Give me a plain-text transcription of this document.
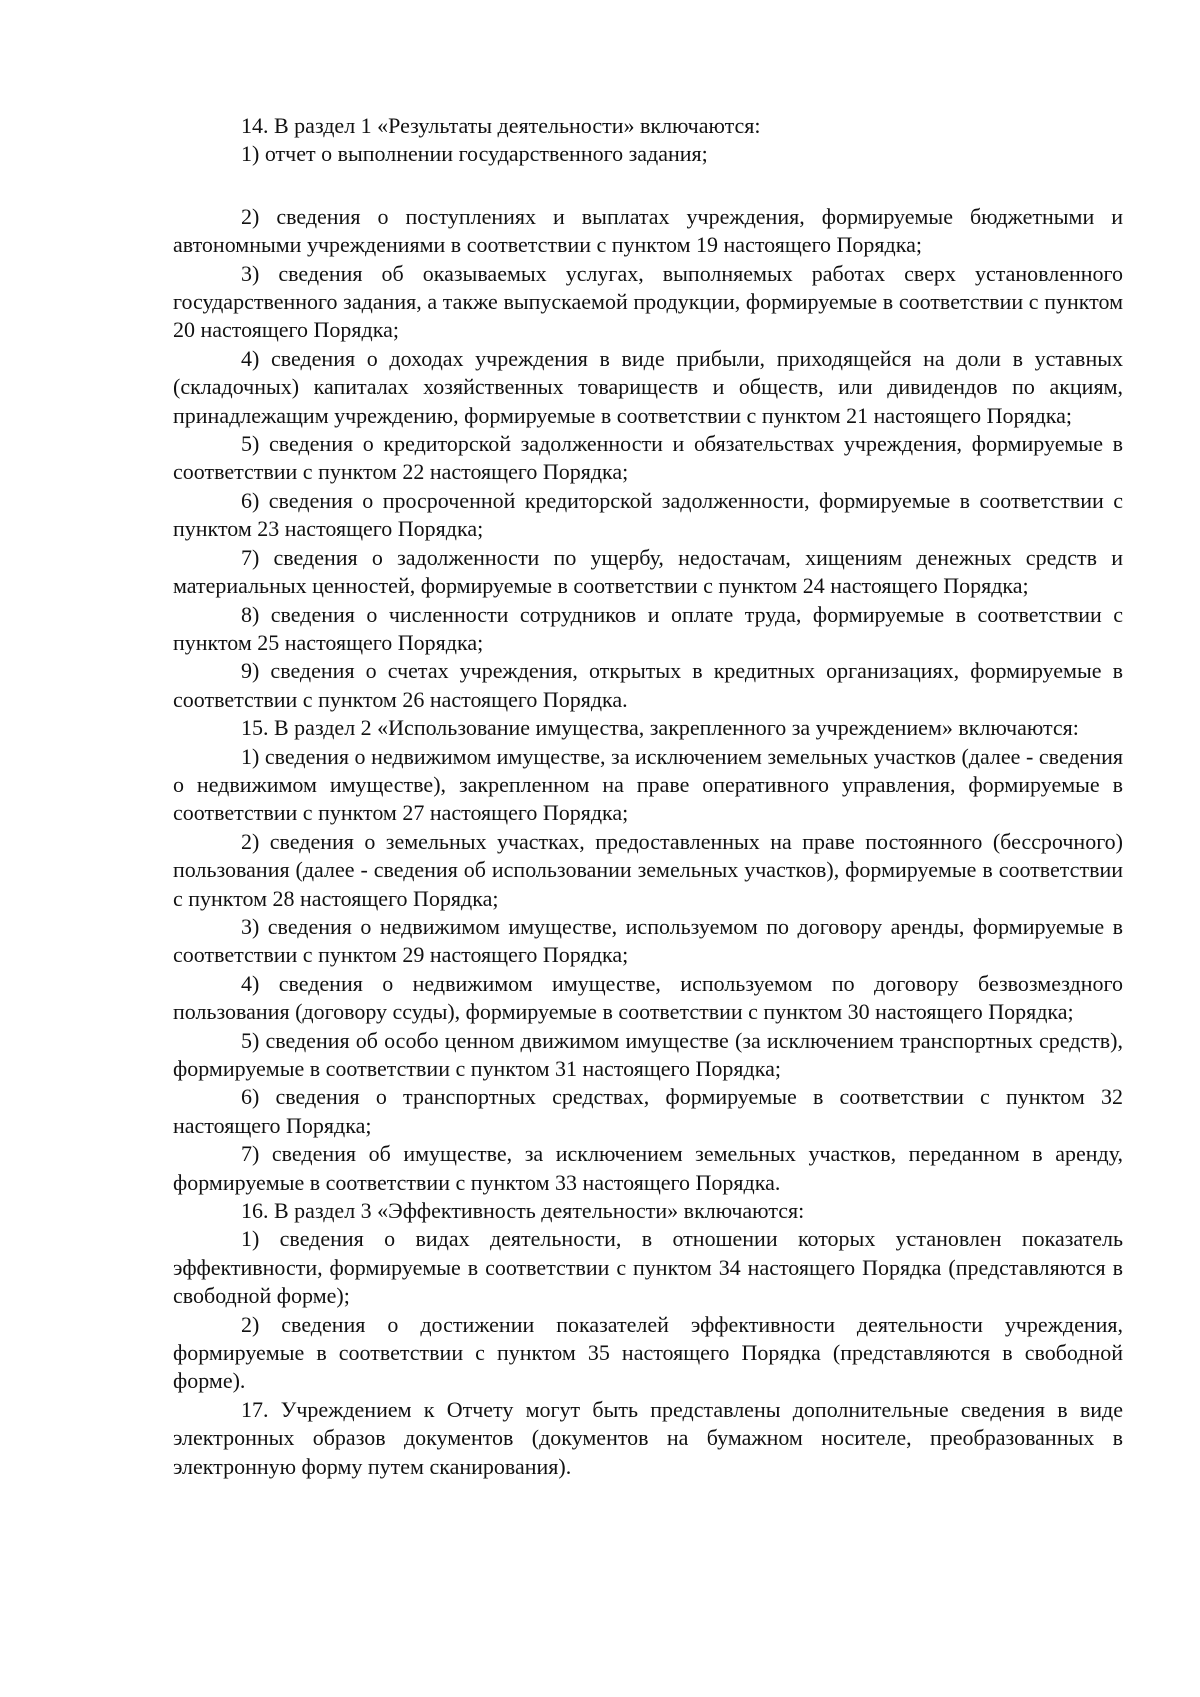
14. В раздел 1 «Результаты деятельности» включаются:

1) отчет о выполнении государственного задания;

2) сведения о поступлениях и выплатах учреждения, формируемые бюджетными и автономными учреждениями в соответствии с пунктом 19 настоящего Порядка;

3) сведения об оказываемых услугах, выполняемых работах сверх установленного государственного задания, а также выпускаемой продукции, формируемые в соответствии с пунктом 20 настоящего Порядка;

4) сведения о доходах учреждения в виде прибыли, приходящейся на доли в уставных (складочных) капиталах хозяйственных товариществ и обществ, или дивидендов по акциям, принадлежащим учреждению, формируемые в соответствии с пунктом 21 настоящего Порядка;

5) сведения о кредиторской задолженности и обязательствах учреждения, формируемые в соответствии с пунктом 22 настоящего Порядка;

6) сведения о просроченной кредиторской задолженности, формируемые в соответствии с пунктом 23 настоящего Порядка;

7) сведения о задолженности по ущербу, недостачам, хищениям денежных средств и материальных ценностей, формируемые в соответствии с пунктом 24 настоящего Порядка;

8) сведения о численности сотрудников и оплате труда, формируемые в соответствии с пунктом 25 настоящего Порядка;

9) сведения о счетах учреждения, открытых в кредитных организациях, формируемые в соответствии с пунктом 26 настоящего Порядка.

15. В раздел 2 «Использование имущества, закрепленного за учреждением» включаются:

1) сведения о недвижимом имуществе, за исключением земельных участков (далее - сведения о недвижимом имуществе), закрепленном на праве оперативного управления, формируемые в соответствии с пунктом 27 настоящего Порядка;

2) сведения о земельных участках, предоставленных на праве постоянного (бессрочного) пользования (далее - сведения об использовании земельных участков), формируемые в соответствии с пунктом 28 настоящего Порядка;

3) сведения о недвижимом имуществе, используемом по договору аренды, формируемые в соответствии с пунктом 29 настоящего Порядка;

4) сведения о недвижимом имуществе, используемом по договору безвозмездного пользования (договору ссуды), формируемые в соответствии с пунктом 30 настоящего Порядка;

5) сведения об особо ценном движимом имуществе (за исключением транспортных средств), формируемые в соответствии с пунктом 31 настоящего Порядка;

6) сведения о транспортных средствах, формируемые в соответствии с пунктом 32 настоящего Порядка;

7) сведения об имуществе, за исключением земельных участков, переданном в аренду, формируемые в соответствии с пунктом 33 настоящего Порядка.

16. В раздел 3 «Эффективность деятельности» включаются:

1) сведения о видах деятельности, в отношении которых установлен показатель эффективности, формируемые в соответствии с пунктом 34 настоящего Порядка (представляются в свободной форме);

2) сведения о достижении показателей эффективности деятельности учреждения, формируемые в соответствии с пунктом 35 настоящего Порядка (представляются в свободной форме).

17. Учреждением к Отчету могут быть представлены дополнительные сведения в виде электронных образов документов (документов на бумажном носителе, преобразованных в электронную форму путем сканирования).
